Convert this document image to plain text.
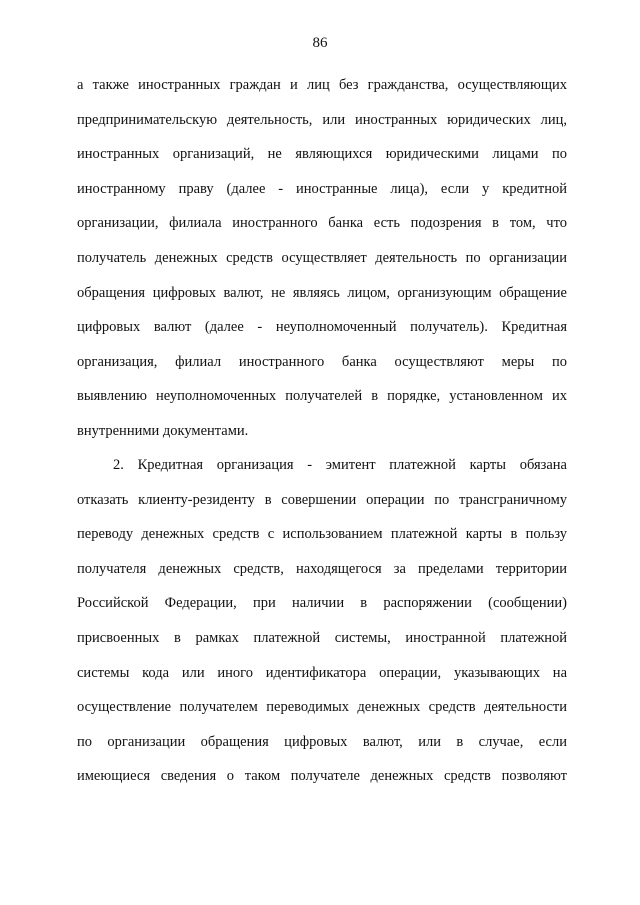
86
а также иностранных граждан и лиц без гражданства, осуществляющих
предпринимательскую деятельность, или иностранных юридических лиц,
иностранных организаций, не являющихся юридическими лицами по
иностранному праву (далее - иностранные лица), если у кредитной
организации, филиала иностранного банка есть подозрения в том, что
получатель денежных средств осуществляет деятельность по организации
обращения цифровых валют, не являясь лицом, организующим обращение
цифровых валют (далее - неуполномоченный получатель). Кредитная
организация, филиал иностранного банка осуществляют меры по
выявлению неуполномоченных получателей в порядке, установленном их
внутренними документами.
2. Кредитная организация - эмитент платежной карты обязана
отказать клиенту-резиденту в совершении операции по трансграничному
переводу денежных средств с использованием платежной карты в пользу
получателя денежных средств, находящегося за пределами территории
Российской Федерации, при наличии в распоряжении (сообщении)
присвоенных в рамках платежной системы, иностранной платежной
системы кода или иного идентификатора операции, указывающих на
осуществление получателем переводимых денежных средств деятельности
по организации обращения цифровых валют, или в случае, если
имеющиеся сведения о таком получателе денежных средств позволяют
